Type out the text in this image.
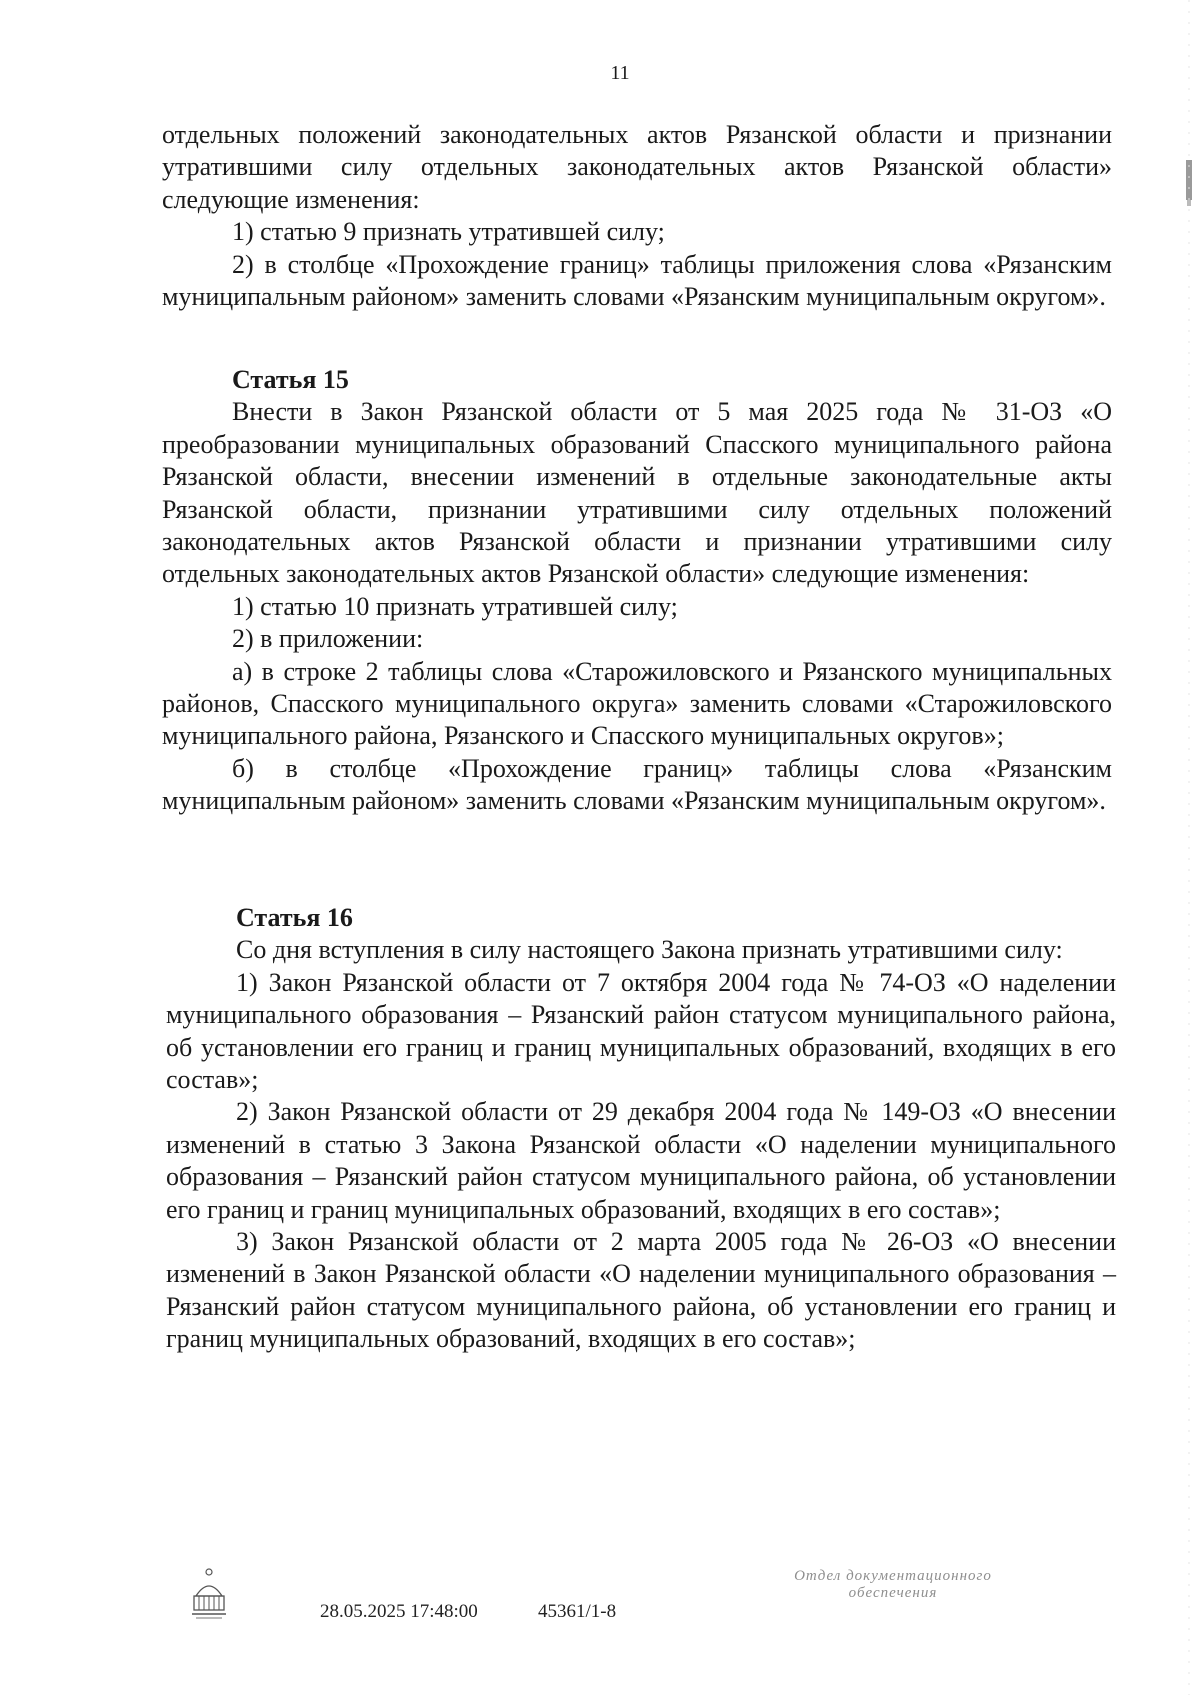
11

отдельных положений законодательных актов Рязанской области и признании утратившими силу отдельных законодательных актов Рязанской области» следующие изменения:

1) статью 9 признать утратившей силу;

2) в столбце «Прохождение границ» таблицы приложения слова «Рязанским муниципальным районом» заменить словами «Рязанским муниципальным округом».

Статья 15

Внести в Закон Рязанской области от 5 мая 2025 года № 31-ОЗ «О преобразовании муниципальных образований Спасского муниципального района Рязанской области, внесении изменений в отдельные законодательные акты Рязанской области, признании утратившими силу отдельных положений законодательных актов Рязанской области и признании утратившими силу отдельных законодательных актов Рязанской области» следующие изменения:

1) статью 10 признать утратившей силу;

2) в приложении:

а) в строке 2 таблицы слова «Старожиловского и Рязанского муниципальных районов, Спасского муниципального округа» заменить словами «Старожиловского муниципального района, Рязанского и Спасского муниципальных округов»;

б) в столбце «Прохождение границ» таблицы слова «Рязанским муниципальным районом» заменить словами «Рязанским муниципальным округом».

Статья 16

Со дня вступления в силу настоящего Закона признать утратившими силу:

1) Закон Рязанской области от 7 октября 2004 года № 74-ОЗ «О наделении муниципального образования – Рязанский район статусом муниципального района, об установлении его границ и границ муниципальных образований, входящих в его состав»;

2) Закон Рязанской области от 29 декабря 2004 года № 149-ОЗ «О внесении изменений в статью 3 Закона Рязанской области «О наделении муниципального образования – Рязанский район статусом муниципального района, об установлении его границ и границ муниципальных образований, входящих в его состав»;

3) Закон Рязанской области от 2 марта 2005 года № 26-ОЗ «О внесении изменений в Закон Рязанской области «О наделении муниципального образования – Рязанский район статусом муниципального района, об установлении его границ и границ муниципальных образований, входящих в его состав»;

28.05.2025 17:48:00	45361/1-8
Отдел документационного
обеспечения
